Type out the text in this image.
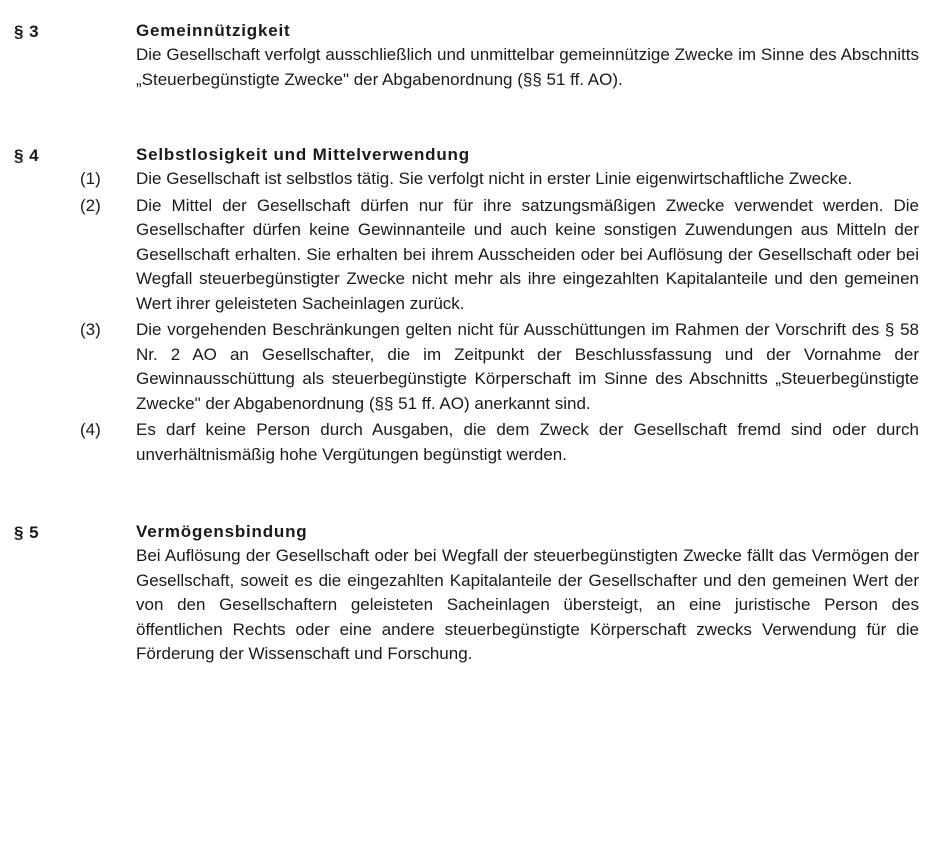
§ 3	Gemeinnützigkeit
Die Gesellschaft verfolgt ausschließlich und unmittelbar gemeinnützige Zwecke im Sinne des Abschnitts „Steuerbegünstigte Zwecke" der Abgabenordnung (§§ 51 ff. AO).
§ 4	Selbstlosigkeit und Mittelverwendung
(1)	Die Gesellschaft ist selbstlos tätig. Sie verfolgt nicht in erster Linie eigenwirtschaftliche Zwecke.
(2)	Die Mittel der Gesellschaft dürfen nur für ihre satzungsmäßigen Zwecke verwendet werden. Die Gesellschafter dürfen keine Gewinnanteile und auch keine sonstigen Zuwendungen aus Mitteln der Gesellschaft erhalten. Sie erhalten bei ihrem Ausscheiden oder bei Auflösung der Gesellschaft oder bei Wegfall steuerbegünstigter Zwecke nicht mehr als ihre eingezahlten Kapitalanteile und den gemeinen Wert ihrer geleisteten Sacheinlagen zurück.
(3)	Die vorgehenden Beschränkungen gelten nicht für Ausschüttungen im Rahmen der Vorschrift des § 58 Nr. 2 AO an Gesellschafter, die im Zeitpunkt der Beschlussfassung und der Vornahme der Gewinnausschüttung als steuerbegünstigte Körperschaft im Sinne des Abschnitts „Steuerbegünstigte Zwecke" der Abgabenordnung (§§ 51 ff. AO) anerkannt sind.
(4)	Es darf keine Person durch Ausgaben, die dem Zweck der Gesellschaft fremd sind oder durch unverhältnismäßig hohe Vergütungen begünstigt werden.
§ 5	Vermögensbindung
Bei Auflösung der Gesellschaft oder bei Wegfall der steuerbegünstigten Zwecke fällt das Vermögen der Gesellschaft, soweit es die eingezahlten Kapitalanteile der Gesellschafter und den gemeinen Wert der von den Gesellschaftern geleisteten Sacheinlagen übersteigt, an eine juristische Person des öffentlichen Rechts oder eine andere steuerbegünstigte Körperschaft zwecks Verwendung für die Förderung der Wissenschaft und Forschung.
